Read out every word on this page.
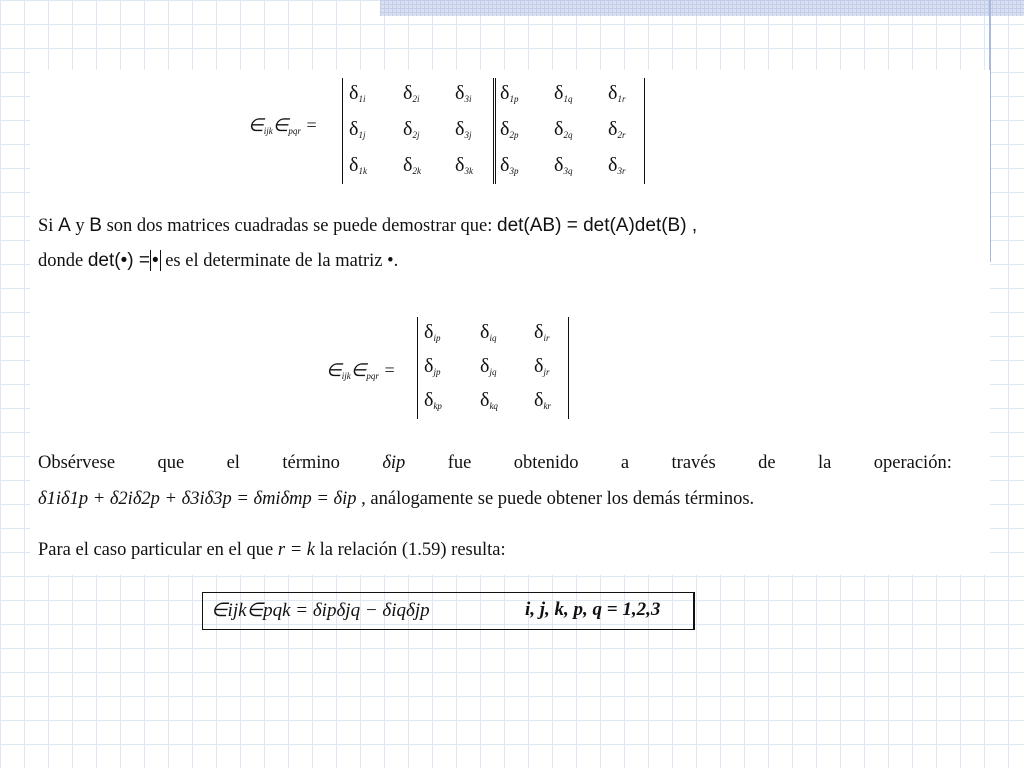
$\in_{ijk}\in_{pqr}$ =
$\delta_{1i}$ $\delta_{2i}$ $\delta_{3i}$
$\delta_{1j}$ $\delta_{2j}$ $\delta_{3j}$
$\delta_{1k}$ $\delta_{2k}$ $\delta_{3k}$
$\delta_{1p}$ $\delta_{1q}$ $\delta_{1r}$
$\delta_{2p}$ $\delta_{2q}$ $\delta_{2r}$
$\delta_{3p}$ $\delta_{3q}$ $\delta_{3r}$
Si A y B son dos matrices cuadradas se puede demostrar que: det(AB) = det(A)det(B) ,
donde det(•) = • es el determinate de la matriz •.
$\in_{ijk}\in_{pqr}$ =
$\delta_{ip}$ $\delta_{iq}$ $\delta_{ir}$
$\delta_{jp}$ $\delta_{jq}$ $\delta_{jr}$
$\delta_{kp}$ $\delta_{kq}$ $\delta_{kr}$
Obsérvese que el término δip fue obtenido a través de la operación:
δ1iδ1p + δ2iδ2p + δ3iδ3p = δmiδmp = δip , análogamente se puede obtener los demás términos.
Para el caso particular en el que r = k la relación (1.59) resulta:
∈ijk∈pqk = δipδjq − δiqδjp	i, j, k, p, q = 1,2,3
